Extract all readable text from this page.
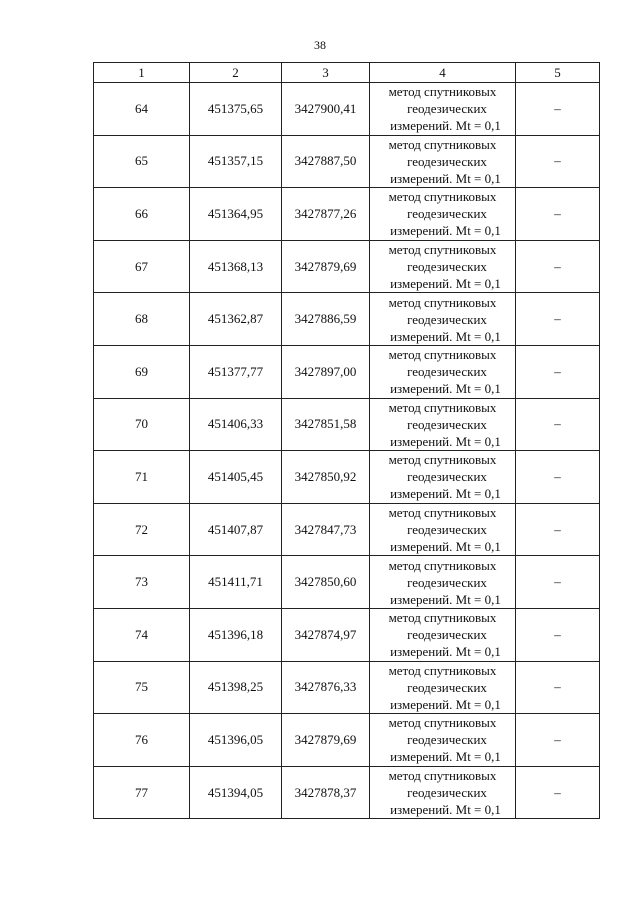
38
1	2	3	4	5
64	451375,65	3427900,41	метод спутниковых
геодезических
измерений. Mt = 0,1	–
65	451357,15	3427887,50	метод спутниковых
геодезических
измерений. Mt = 0,1	–
66	451364,95	3427877,26	метод спутниковых
геодезических
измерений. Mt = 0,1	–
67	451368,13	3427879,69	метод спутниковых
геодезических
измерений. Mt = 0,1	–
68	451362,87	3427886,59	метод спутниковых
геодезических
измерений. Mt = 0,1	–
69	451377,77	3427897,00	метод спутниковых
геодезических
измерений. Mt = 0,1	–
70	451406,33	3427851,58	метод спутниковых
геодезических
измерений. Mt = 0,1	–
71	451405,45	3427850,92	метод спутниковых
геодезических
измерений. Mt = 0,1	–
72	451407,87	3427847,73	метод спутниковых
геодезических
измерений. Mt = 0,1	–
73	451411,71	3427850,60	метод спутниковых
геодезических
измерений. Mt = 0,1	–
74	451396,18	3427874,97	метод спутниковых
геодезических
измерений. Mt = 0,1	–
75	451398,25	3427876,33	метод спутниковых
геодезических
измерений. Mt = 0,1	–
76	451396,05	3427879,69	метод спутниковых
геодезических
измерений. Mt = 0,1	–
77	451394,05	3427878,37	метод спутниковых
геодезических
измерений. Mt = 0,1	–
